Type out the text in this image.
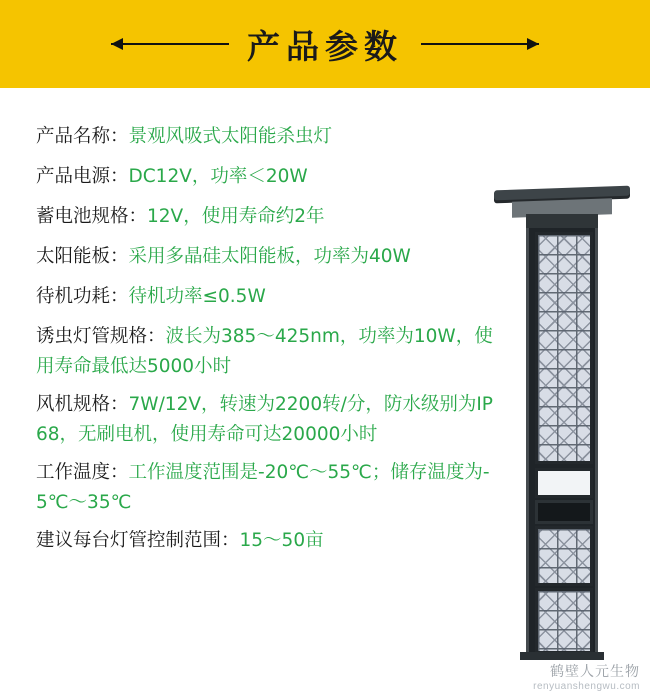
产品参数
产品名称：景观风吸式太阳能杀虫灯
产品电源：DC12V，功率＜20W
蓄电池规格：12V，使用寿命约2年
太阳能板：采用多晶硅太阳能板，功率为40W
待机功耗：待机功率≤0.5W
诱虫灯管规格：波长为385～425nm，功率为10W，使用寿命最低达5000小时
风机规格：7W/12V，转速为2200转/分，防水级别为IP68，无刷电机，使用寿命可达20000小时
工作温度：工作温度范围是-20℃～55℃；储存温度为-5℃～35℃
建议每台灯管控制范围：15～50亩
鹤壁人元生物
renyuanshengwu.com
